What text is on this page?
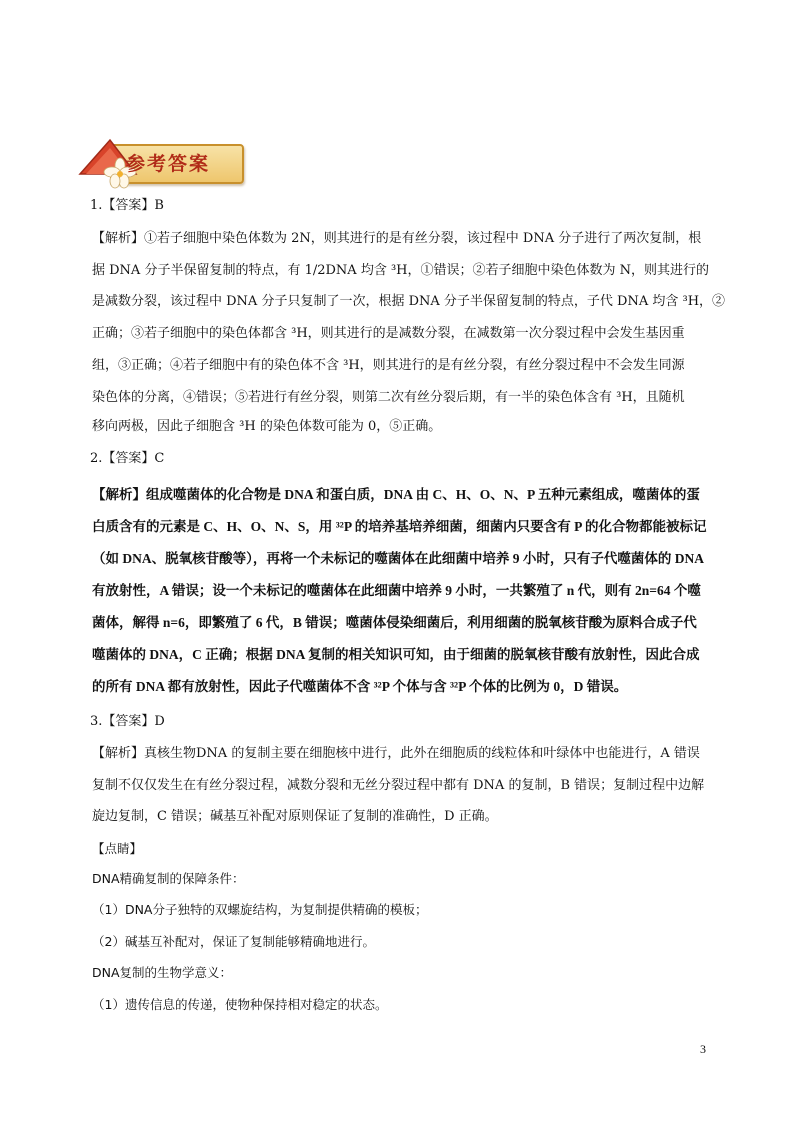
参考答案
1.【答案】B
【解析】①若子细胞中染色体数为 2N，则其进行的是有丝分裂，该过程中 DNA 分子进行了两次复制，根
据 DNA 分子半保留复制的特点，有 1/2DNA 均含 ³H，①错误；②若子细胞中染色体数为 N，则其进行的
是减数分裂，该过程中 DNA 分子只复制了一次，根据 DNA 分子半保留复制的特点，子代 DNA 均含 ³H，②
正确；③若子细胞中的染色体都含 ³H，则其进行的是减数分裂，在减数第一次分裂过程中会发生基因重
组，③正确；④若子细胞中有的染色体不含 ³H，则其进行的是有丝分裂，有丝分裂过程中不会发生同源
染色体的分离，④错误；⑤若进行有丝分裂，则第二次有丝分裂后期，有一半的染色体含有 ³H，且随机
移向两极，因此子细胞含 ³H 的染色体数可能为 0，⑤正确。
2.【答案】C
【解析】组成噬菌体的化合物是 DNA 和蛋白质，DNA 由 C、H、O、N、P 五种元素组成，噬菌体的蛋
白质含有的元素是 C、H、O、N、S，用 ³²P 的培养基培养细菌，细菌内只要含有 P 的化合物都能被标记
（如 DNA、脱氧核苷酸等），再将一个未标记的噬菌体在此细菌中培养 9 小时，只有子代噬菌体的 DNA
有放射性，A 错误；设一个未标记的噬菌体在此细菌中培养 9 小时，一共繁殖了 n 代，则有 2n=64 个噬
菌体，解得 n=6，即繁殖了 6 代，B 错误；噬菌体侵染细菌后，利用细菌的脱氧核苷酸为原料合成子代
噬菌体的 DNA，C 正确；根据 DNA 复制的相关知识可知，由于细菌的脱氧核苷酸有放射性，因此合成
的所有 DNA 都有放射性，因此子代噬菌体不含 ³²P 个体与含 ³²P 个体的比例为 0，D 错误。
3.【答案】D
【解析】真核生物DNA 的复制主要在细胞核中进行，此外在细胞质的线粒体和叶绿体中也能进行，A 错误
复制不仅仅发生在有丝分裂过程，减数分裂和无丝分裂过程中都有 DNA 的复制，B 错误；复制过程中边解
旋边复制，C 错误；碱基互补配对原则保证了复制的准确性，D 正确。
【点睛】
DNA精确复制的保障条件：
（1）DNA分子独特的双螺旋结构，为复制提供精确的模板；
（2）碱基互补配对，保证了复制能够精确地进行。
DNA复制的生物学意义：
（1）遗传信息的传递，使物种保持相对稳定的状态。
3
